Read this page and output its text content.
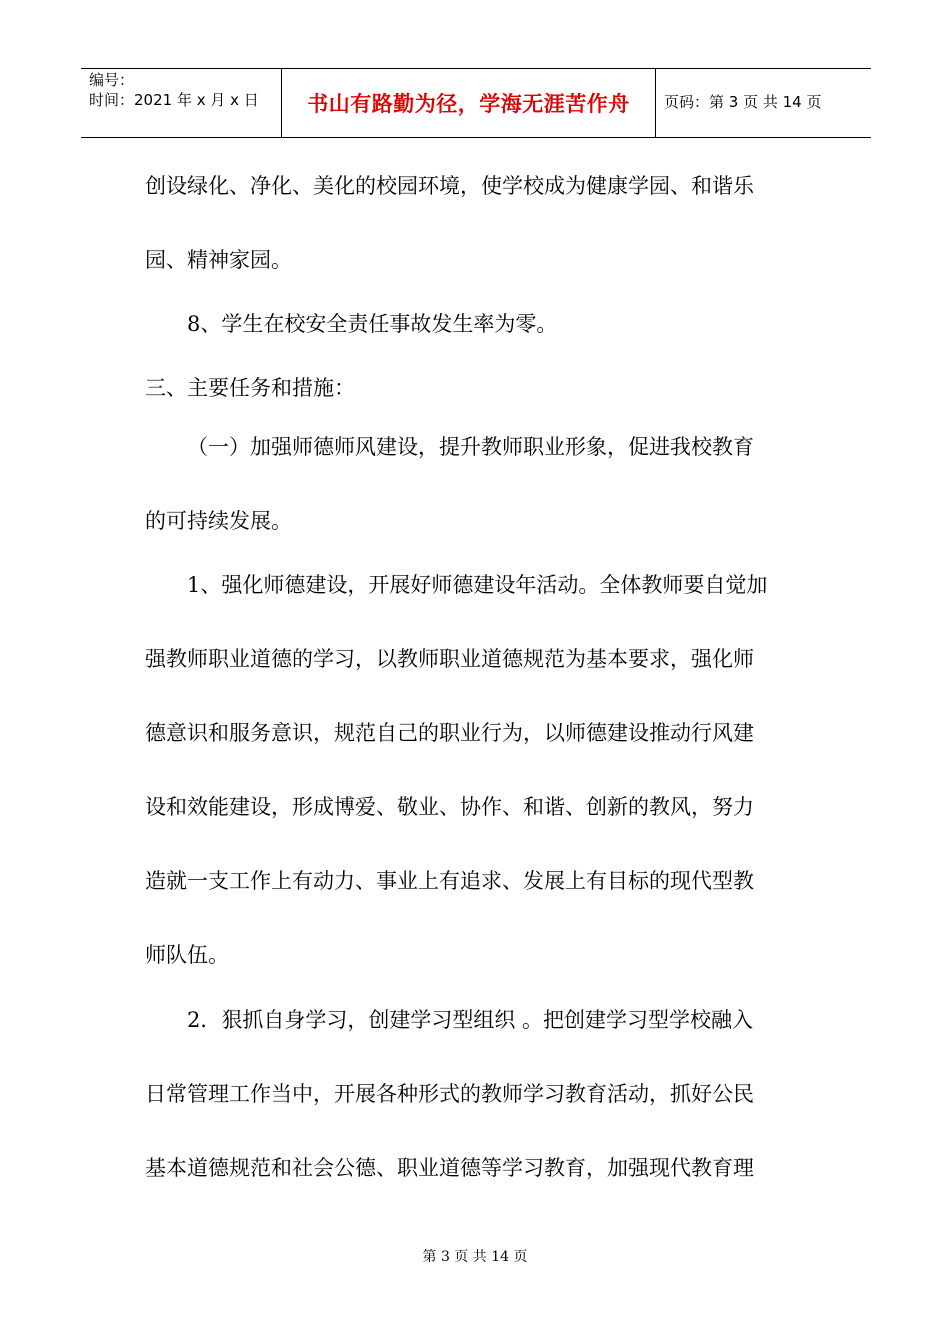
编号：
时间：2021 年 x 月 x 日	书山有路勤为径，学海无涯苦作舟	页码：第 3 页 共 14 页
创设绿化、净化、美化的校园环境，使学校成为健康学园、和谐乐
园、精神家园。
8、学生在校安全责任事故发生率为零。
三、主要任务和措施：
（一）加强师德师风建设，提升教师职业形象，促进我校教育
的可持续发展。
1、强化师德建设，开展好师德建设年活动。全体教师要自觉加
强教师职业道德的学习，以教师职业道德规范为基本要求，强化师
德意识和服务意识，规范自己的职业行为，以师德建设推动行风建
设和效能建设，形成博爱、敬业、协作、和谐、创新的教风，努力
造就一支工作上有动力、事业上有追求、发展上有目标的现代型教
师队伍。
2．狠抓自身学习，创建学习型组织 。把创建学习型学校融入
日常管理工作当中，开展各种形式的教师学习教育活动，抓好公民
基本道德规范和社会公德、职业道德等学习教育，加强现代教育理
第 3 页 共 14 页
